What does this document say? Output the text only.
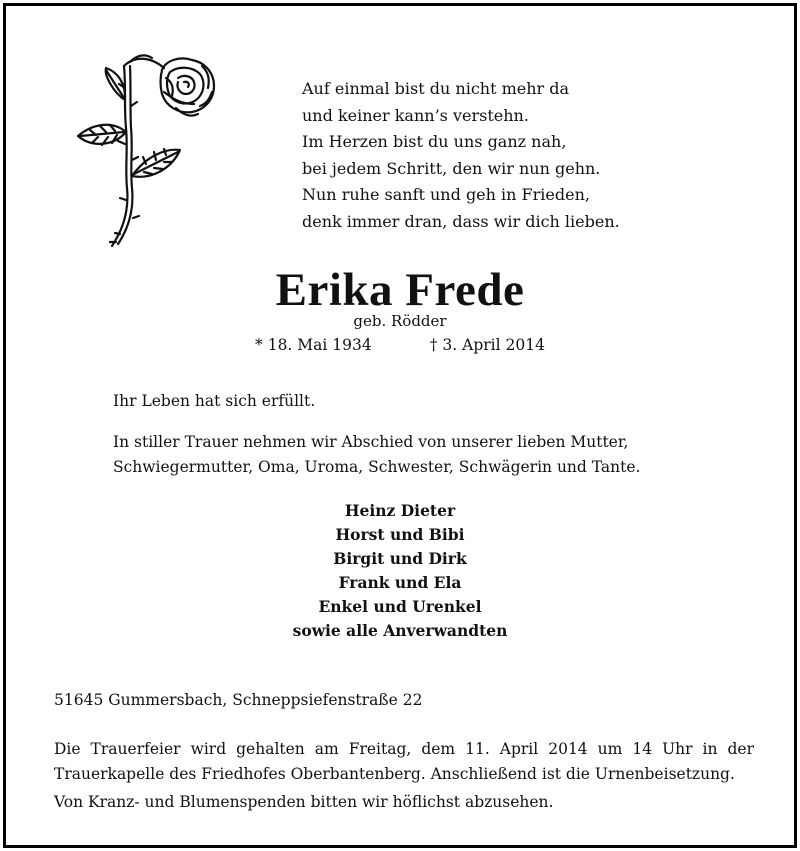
Auf einmal bist du nicht mehr da
und keiner kann’s verstehn.
Im Herzen bist du uns ganz nah,
bei jedem Schritt, den wir nun gehn.
Nun ruhe sanft und geh in Frieden,
denk immer dran, dass wir dich lieben.
Erika Frede
geb. Rödder
* 18. Mai 1934	† 3. April 2014
Ihr Leben hat sich erfüllt.
In stiller Trauer nehmen wir Abschied von unserer lieben Mutter, Schwiegermutter, Oma, Uroma, Schwester, Schwägerin und Tante.
Heinz Dieter
Horst und Bibi
Birgit und Dirk
Frank und Ela
Enkel und Urenkel
sowie alle Anverwandten
51645 Gummersbach, Schneppsiefenstraße 22
Die Trauerfeier wird gehalten am Freitag, dem 11. April 2014 um 14 Uhr in der Trauerkapelle des Friedhofes Oberbantenberg. Anschließend ist die Urnenbeisetzung.
Von Kranz- und Blumenspenden bitten wir höflichst abzusehen.
